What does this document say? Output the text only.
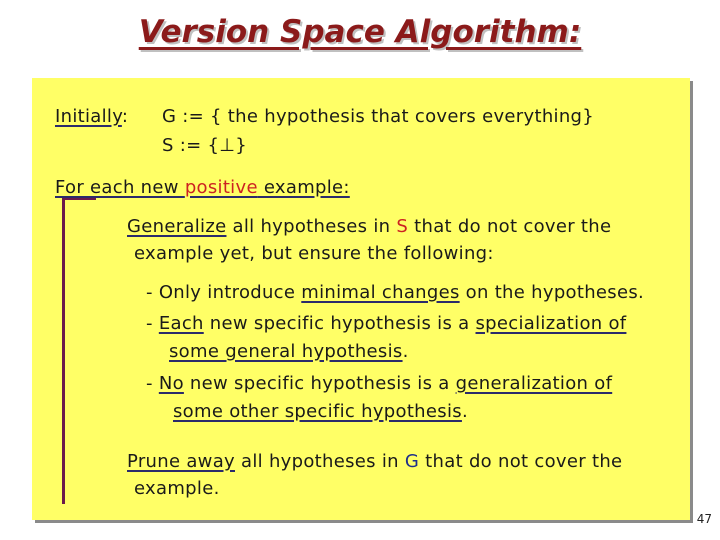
Version Space Algorithm:
Initially: G := { the hypothesis that covers everything}
S := {⊥}
For each new positive example:
Generalize all hypotheses in S that do not cover the
example yet, but ensure the following:
- Only introduce minimal changes on the hypotheses.
- Each new specific hypothesis is a specialization of
some general hypothesis.
- No new specific hypothesis is a generalization of
some other specific hypothesis.
Prune away all hypotheses in G that do not cover the
example.
47
